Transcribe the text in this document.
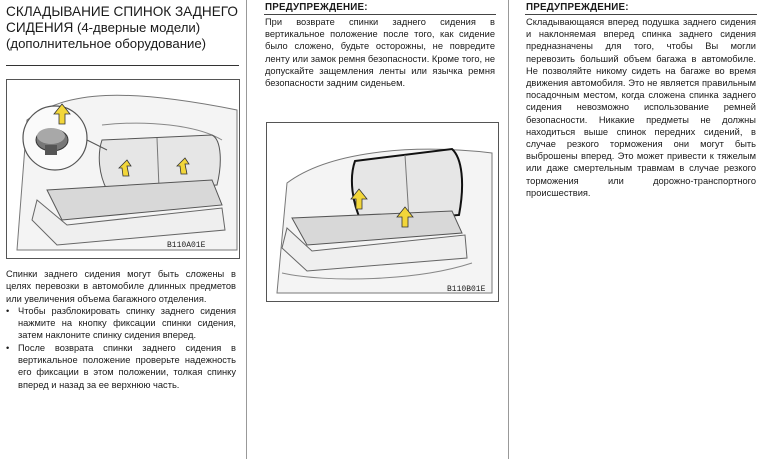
СКЛАДЫВАНИЕ СПИНОК ЗАДНЕГО СИДЕНИЯ (4-дверные модели) (дополнительное оборудование)
B110A01E

Спинки заднего сидения могут быть сложены в целях перевозки в автомобиле длинных предметов или увеличения объема багажного отделения.

• Чтобы разблокировать спинку заднего сидения нажмите на кнопку фиксации спинки сидения, затем наклоните спинку сидения вперед.
• После возврата спинки заднего сидения в вертикальное положение проверьте надежность его фиксации в этом положении, толкая спинку вперед и назад за ее верхнюю часть.
ПРЕДУПРЕЖДЕНИЕ:
При возврате спинки заднего сидения в вертикальное положение после того, как сидение было сложено, будьте осторожны, не повредите ленту или замок ремня безопасности. Кроме того, не допускайте защемления ленты или язычка ремня безопасности задним сиденьем.
B110B01E
ПРЕДУПРЕЖДЕНИЕ:
Складывающаяся вперед подушка заднего сидения и наклоняемая вперед спинка заднего сидения предназначены для того, чтобы Вы могли перевозить больший объем багажа в автомобиле. Не позволяйте никому сидеть на багаже во время движения автомобиля. Это не является правильным посадочным местом, когда сложена спинка заднего сидения невозможно использование ремней безопасности. Никакие предметы не должны находиться выше спинок передних сидений, в случае резкого торможения они могут быть выброшены вперед. Это может привести к тяжелым или даже смертельным травмам в случае резкого торможения или дорожно-транспортного происшествия.
